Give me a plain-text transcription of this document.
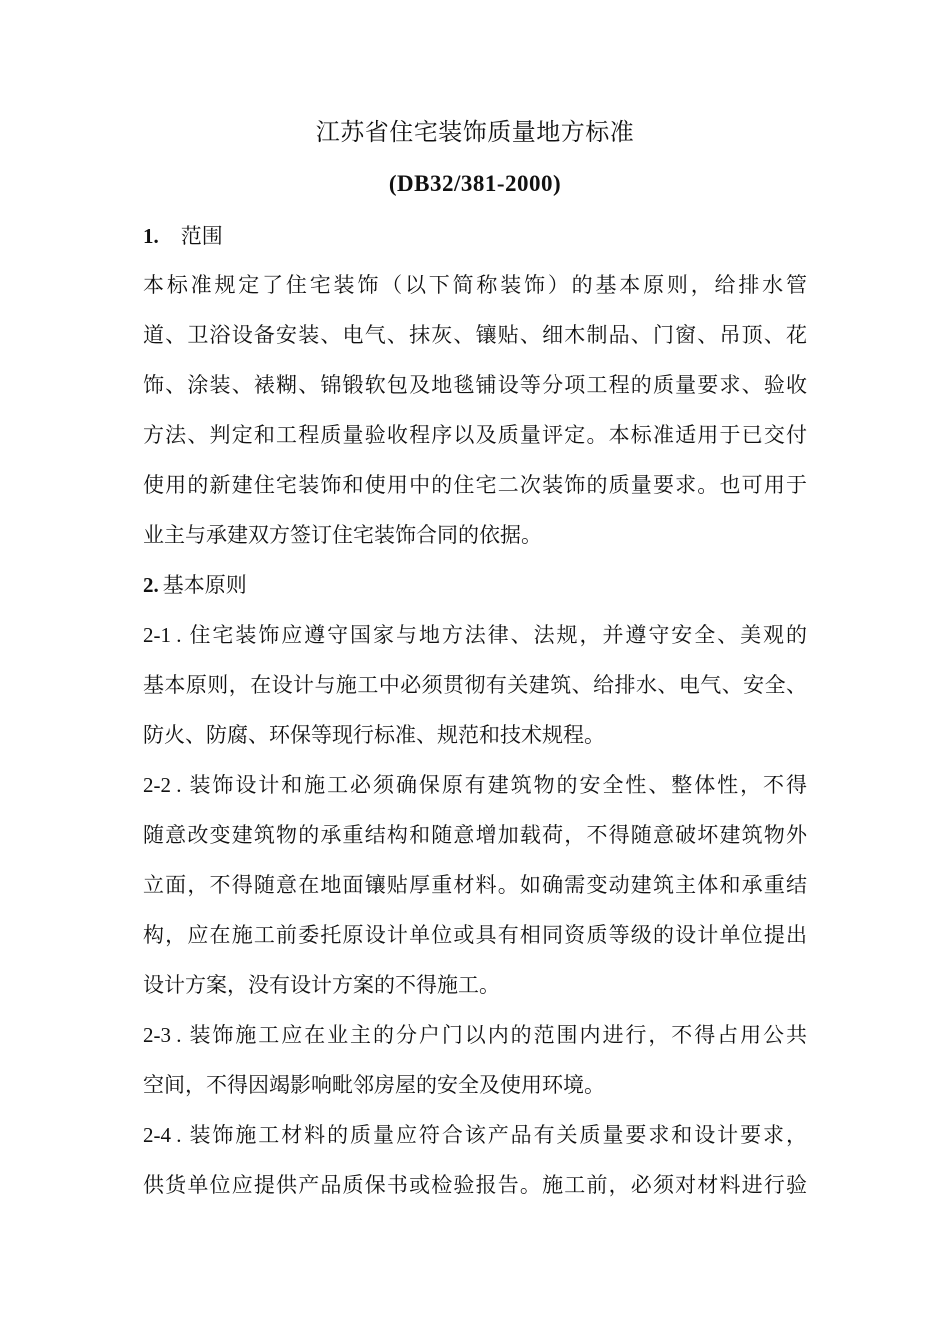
江苏省住宅装饰质量地方标准
(DB32/381-2000)
1. 范围
本标准规定了住宅装饰（以下简称装饰）的基本原则，给排水管
道、卫浴设备安装、电气、抹灰、镶贴、细木制品、门窗、吊顶、花
饰、涂装、裱糊、锦锻软包及地毯铺设等分项工程的质量要求、验收
方法、判定和工程质量验收程序以及质量评定。本标准适用于已交付
使用的新建住宅装饰和使用中的住宅二次装饰的质量要求。也可用于
业主与承建双方签订住宅装饰合同的依据。
2. 基本原则
2-1 . 住宅装饰应遵守国家与地方法律、法规，并遵守安全、美观的
基本原则，在设计与施工中必须贯彻有关建筑、给排水、电气、安全、
防火、防腐、环保等现行标准、规范和技术规程。
2-2 . 装饰设计和施工必须确保原有建筑物的安全性、整体性，不得
随意改变建筑物的承重结构和随意增加载荷，不得随意破坏建筑物外
立面，不得随意在地面镶贴厚重材料。如确需变动建筑主体和承重结
构，应在施工前委托原设计单位或具有相同资质等级的设计单位提出
设计方案，没有设计方案的不得施工。
2-3 . 装饰施工应在业主的分户门以内的范围内进行，不得占用公共
空间，不得因竭影响毗邻房屋的安全及使用环境。
2-4 . 装饰施工材料的质量应符合该产品有关质量要求和设计要求，
供货单位应提供产品质保书或检验报告。施工前，必须对材料进行验
